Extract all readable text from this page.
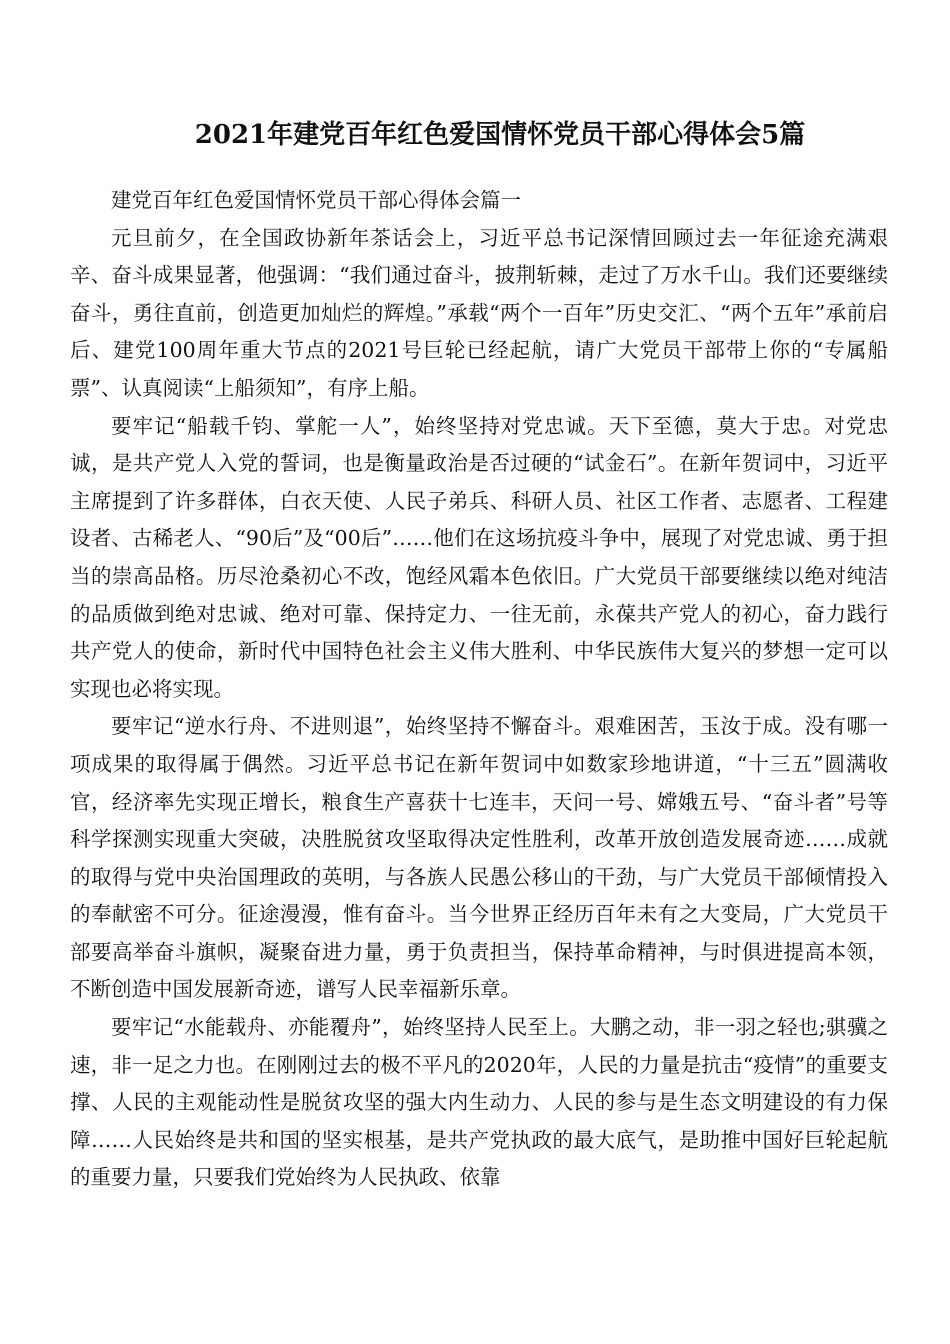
2021年建党百年红色爱国情怀党员干部心得体会5篇

建党百年红色爱国情怀党员干部心得体会篇一

元旦前夕，在全国政协新年茶话会上，习近平总书记深情回顾过去一年征途充满艰辛、奋斗成果显著，他强调：“我们通过奋斗，披荆斩棘，走过了万水千山。我们还要继续奋斗，勇往直前，创造更加灿烂的辉煌。”承载“两个一百年”历史交汇、“两个五年”承前启后、建党100周年重大节点的2021号巨轮已经起航，请广大党员干部带上你的“专属船票”、认真阅读“上船须知”，有序上船。

要牢记“船载千钧、掌舵一人”，始终坚持对党忠诚。天下至德，莫大于忠。对党忠诚，是共产党人入党的誓词，也是衡量政治是否过硬的“试金石”。在新年贺词中，习近平主席提到了许多群体，白衣天使、人民子弟兵、科研人员、社区工作者、志愿者、工程建设者、古稀老人、“90后”及“00后”……他们在这场抗疫斗争中，展现了对党忠诚、勇于担当的崇高品格。历尽沧桑初心不改，饱经风霜本色依旧。广大党员干部要继续以绝对纯洁的品质做到绝对忠诚、绝对可靠、保持定力、一往无前，永葆共产党人的初心，奋力践行共产党人的使命，新时代中国特色社会主义伟大胜利、中华民族伟大复兴的梦想一定可以实现也必将实现。

要牢记“逆水行舟、不进则退”，始终坚持不懈奋斗。艰难困苦，玉汝于成。没有哪一项成果的取得属于偶然。习近平总书记在新年贺词中如数家珍地讲道，“十三五”圆满收官，经济率先实现正增长，粮食生产喜获十七连丰，天问一号、嫦娥五号、“奋斗者”号等科学探测实现重大突破，决胜脱贫攻坚取得决定性胜利，改革开放创造发展奇迹……成就的取得与党中央治国理政的英明，与各族人民愚公移山的干劲，与广大党员干部倾情投入的奉献密不可分。征途漫漫，惟有奋斗。当今世界正经历百年未有之大变局，广大党员干部要高举奋斗旗帜，凝聚奋进力量，勇于负责担当，保持革命精神，与时俱进提高本领，不断创造中国发展新奇迹，谱写人民幸福新乐章。

要牢记“水能载舟、亦能覆舟”，始终坚持人民至上。大鹏之动，非一羽之轻也;骐骥之速，非一足之力也。在刚刚过去的极不平凡的2020年，人民的力量是抗击“疫情”的重要支撑、人民的主观能动性是脱贫攻坚的强大内生动力、人民的参与是生态文明建设的有力保障……人民始终是共和国的坚实根基，是共产党执政的最大底气，是助推中国好巨轮起航的重要力量，只要我们党始终为人民执政、依靠
